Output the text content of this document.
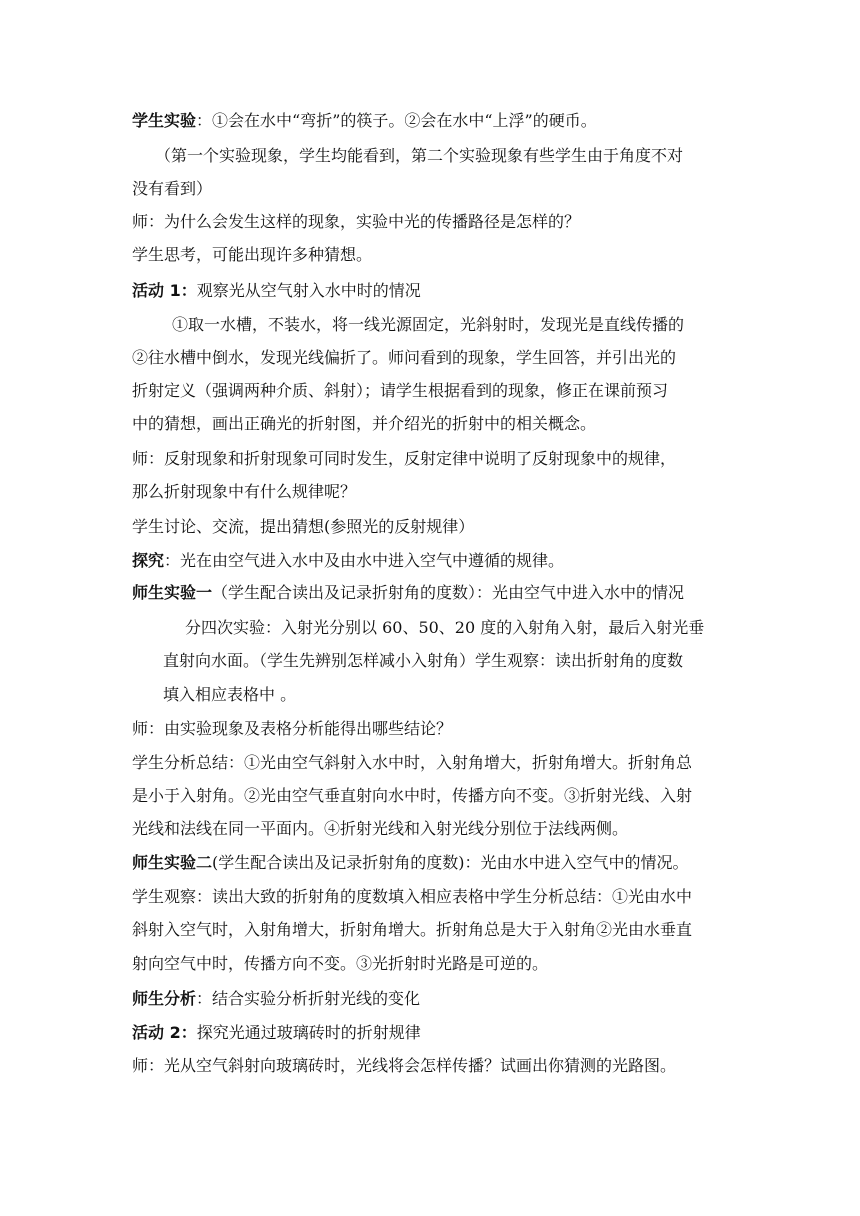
学生实验：①会在水中“弯折”的筷子。②会在水中“上浮”的硬币。
（第一个实验现象，学生均能看到，第二个实验现象有些学生由于角度不对
没有看到）
师：为什么会发生这样的现象，实验中光的传播路径是怎样的？
学生思考，可能出现许多种猜想。
活动 1：观察光从空气射入水中时的情况
①取一水槽，不装水，将一线光源固定，光斜射时，发现光是直线传播的
②往水槽中倒水，发现光线偏折了。师问看到的现象，学生回答，并引出光的
折射定义（强调两种介质、斜射）；请学生根据看到的现象，修正在课前预习
中的猜想，画出正确光的折射图，并介绍光的折射中的相关概念。
师：反射现象和折射现象可同时发生，反射定律中说明了反射现象中的规律，
那么折射现象中有什么规律呢？
学生讨论、交流，提出猜想(参照光的反射规律）
探究：光在由空气进入水中及由水中进入空气中遵循的规律。
师生实验一（学生配合读出及记录折射角的度数）：光由空气中进入水中的情况
分四次实验：入射光分别以 60、50、20 度的入射角入射，最后入射光垂
直射向水面。（学生先辨别怎样减小入射角）学生观察：读出折射角的度数
填入相应表格中 。
师：由实验现象及表格分析能得出哪些结论？
学生分析总结：①光由空气斜射入水中时，入射角增大，折射角增大。折射角总
是小于入射角。②光由空气垂直射向水中时，传播方向不变。③折射光线、入射
光线和法线在同一平面内。④折射光线和入射光线分别位于法线两侧。
师生实验二(学生配合读出及记录折射角的度数)：光由水中进入空气中的情况。
学生观察：读出大致的折射角的度数填入相应表格中学生分析总结：①光由水中
斜射入空气时，入射角增大，折射角增大。折射角总是大于入射角②光由水垂直
射向空气中时，传播方向不变。③光折射时光路是可逆的。
师生分析：结合实验分析折射光线的变化
活动 2：探究光通过玻璃砖时的折射规律
师：光从空气斜射向玻璃砖时，光线将会怎样传播？试画出你猜测的光路图。
